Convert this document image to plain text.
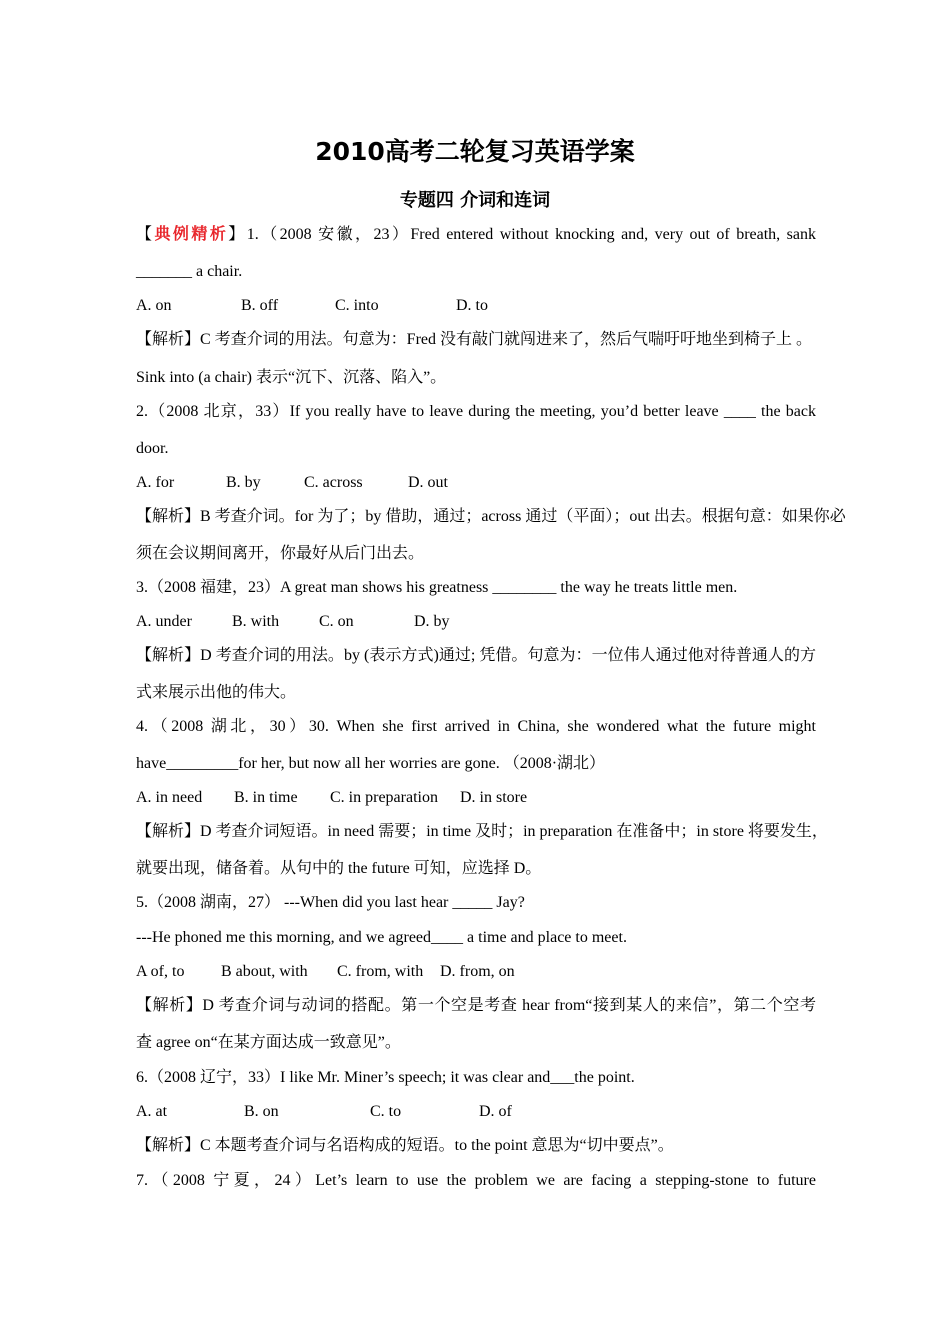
2010高考二轮复习英语学案
专题四 介词和连词
【典例精析】1.（2008 安徽，23）Fred entered without knocking and, very out of breath, sank
_______ a chair.
A. on	B. off	C. into	D. to
【解析】C 考查介词的用法。句意为：Fred 没有敲门就闯进来了，然后气喘吁吁地坐到椅子上 。
Sink into (a chair) 表示“沉下、沉落、陷入”。
2.（2008 北京，33）If you really have to leave during the meeting, you’d better leave ____ the back
door.
A. for	B. by	C. across	D. out
【解析】B 考查介词。for 为了；by 借助，通过；across 通过（平面）；out 出去。根据句意：如果你必
须在会议期间离开，你最好从后门出去。
3.（2008 福建，23）A great man shows his greatness ________ the way he treats little men.
A. under	B. with C. on	D. by
【解析】D 考查介词的用法。by (表示方式)通过; 凭借。句意为：一位伟人通过他对待普通人的方
式来展示出他的伟大。
4.（2008 湖北，30）30. When she first arrived in China, she wondered what the future might
have_________for her, but now all her worries are gone. （2008·湖北）
A. in need B. in time C. in preparation D. in store
【解析】D 考查介词短语。in need 需要；in time 及时；in preparation 在准备中；in store 将要发生，
就要出现，储备着。从句中的 the future 可知，应选择 D。
5.（2008 湖南，27） ---When did you last hear _____ Jay?
---He phoned me this morning, and we agreed____ a time and place to meet.
A of, to B about, with C. from, with D. from, on
【解析】D 考查介词与动词的搭配。第一个空是考查 hear from“接到某人的来信”，第二个空考
查 agree on“在某方面达成一致意见”。
6.（2008 辽宁，33）I like Mr. Miner’s speech; it was clear and___the point.
A. at	B. on	C. to	D. of
【解析】C 本题考查介词与名语构成的短语。to the point 意思为“切中要点”。
7.（2008 宁夏，24）Let’s learn to use the problem we are facing a stepping-stone to future
